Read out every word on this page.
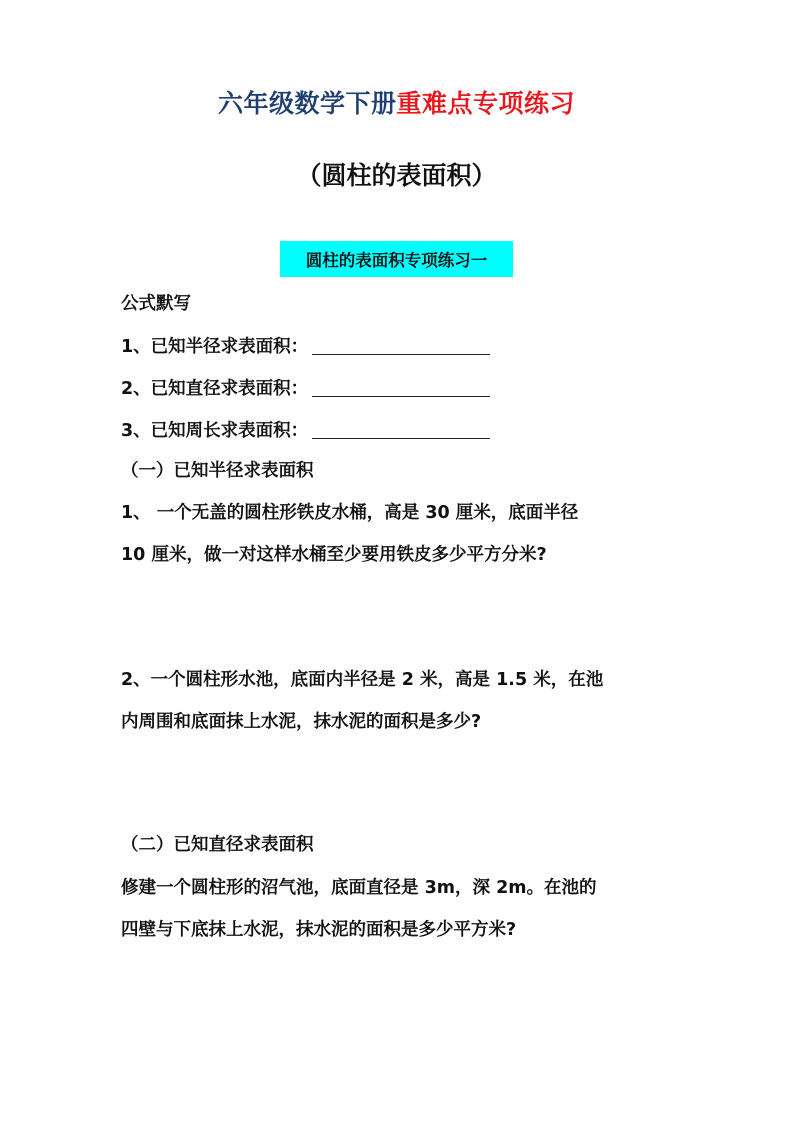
六年级数学下册重难点专项练习
（圆柱的表面积）
圆柱的表面积专项练习一
公式默写
1、已知半径求表面积：
2、已知直径求表面积：
3、已知周长求表面积：
（一）已知半径求表面积
1、 一个无盖的圆柱形铁皮水桶，高是 30 厘米，底面半径
10 厘米，做一对这样水桶至少要用铁皮多少平方分米?
2、一个圆柱形水池，底面内半径是 2 米，高是 1.5 米，在池
内周围和底面抹上水泥，抹水泥的面积是多少?
（二）已知直径求表面积
修建一个圆柱形的沼气池，底面直径是 3m，深 2m。在池的
四壁与下底抹上水泥，抹水泥的面积是多少平方米?
